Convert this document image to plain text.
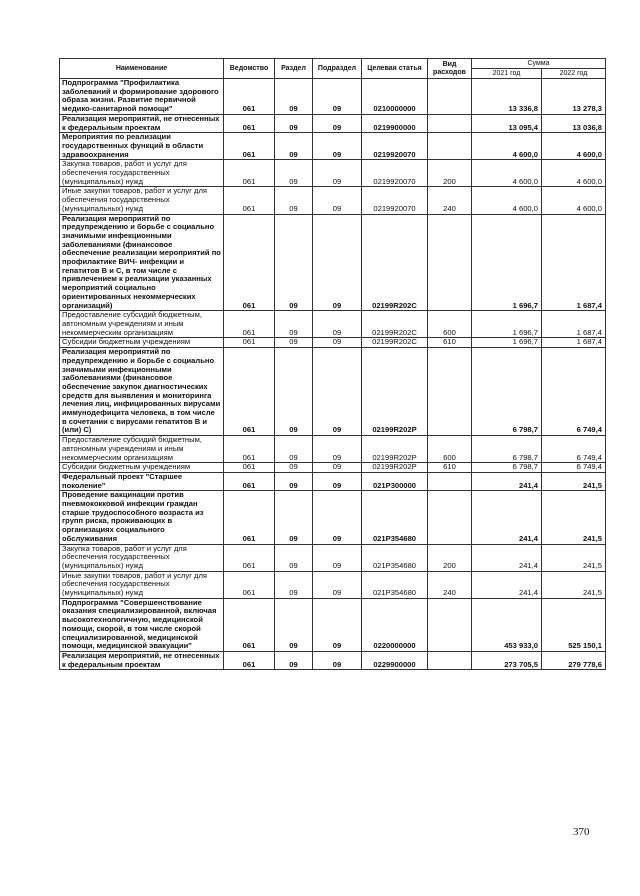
Наименование	Ведомство	Раздел	Подраздел	Целевая статья	Вид расходов	Сумма	
						2021 год	2022 год
Подпрограмма "Профилактика заболеваний и формирование здорового образа жизни. Развитие первичной медико-санитарной помощи"	061	09	09	0210000000		13 336,8	13 278,3
Реализация мероприятий, не отнесенных к федеральным проектам	061	09	09	0219900000		13 095,4	13 036,8
Мероприятия по реализации государственных функций в области здравоохранения	061	09	09	0219920070		4 600,0	4 600,0
Закупка товаров, работ и услуг для обеспечения государственных (муниципальных) нужд	061	09	09	0219920070	200	4 600,0	4 600,0
Иные закупки товаров, работ и услуг для обеспечения государственных (муниципальных) нужд	061	09	09	0219920070	240	4 600,0	4 600,0
Реализация мероприятий по предупреждению и борьбе с социально значимыми инфекционными заболеваниями (финансовое обеспечение реализации мероприятий по профилактике ВИЧ- инфекции и гепатитов В и С, в том числе с привлечением к реализации указанных мероприятий социально ориентированных некоммерческих организаций)	061	09	09	02199R202C		1 696,7	1 687,4
Предоставление субсидий бюджетным, автономным учреждениям и иным некоммерческим организациям	061	09	09	02199R202C	600	1 696,7	1 687,4
Субсидии бюджетным учреждениям	061	09	09	02199R202C	610	1 696,7	1 687,4
Реализация мероприятий по предупреждению и борьбе с социально значимыми инфекционными заболеваниями (финансовое обеспечение закупок диагностических средств для выявления и мониторинга лечения лиц, инфицированных вирусами иммунодефицита человека, в том числе в сочетании с вирусами гепатитов В и (или) С)	061	09	09	02199R202P		6 798,7	6 749,4
Предоставление субсидий бюджетным, автономным учреждениям и иным некоммерческим организациям	061	09	09	02199R202P	600	6 798,7	6 749,4
Субсидии бюджетным учреждениям	061	09	09	02199R202P	610	6 798,7	6 749,4
Федеральный проект "Старшее поколение"	061	09	09	021P300000		241,4	241,5
Проведение вакцинации против пневмококковой инфекции граждан старше трудоспособного возраста из групп риска, проживающих в организациях социального обслуживания	061	09	09	021P354680		241,4	241,5
Закупка товаров, работ и услуг для обеспечения государственных (муниципальных) нужд	061	09	09	021P354680	200	241,4	241,5
Иные закупки товаров, работ и услуг для обеспечения государственных (муниципальных) нужд	061	09	09	021P354680	240	241,4	241,5
Подпрограмма "Совершенствование оказания специализированной, включая высокотехнологичную, медицинской помощи, скорой, в том числе скорой специализированной, медицинской помощи, медицинской эвакуации"	061	09	09	0220000000		453 933,0	525 150,1
Реализация мероприятий, не отнесенных к федеральным проектам	061	09	09	0229900000		273 705,5	279 778,6
370
